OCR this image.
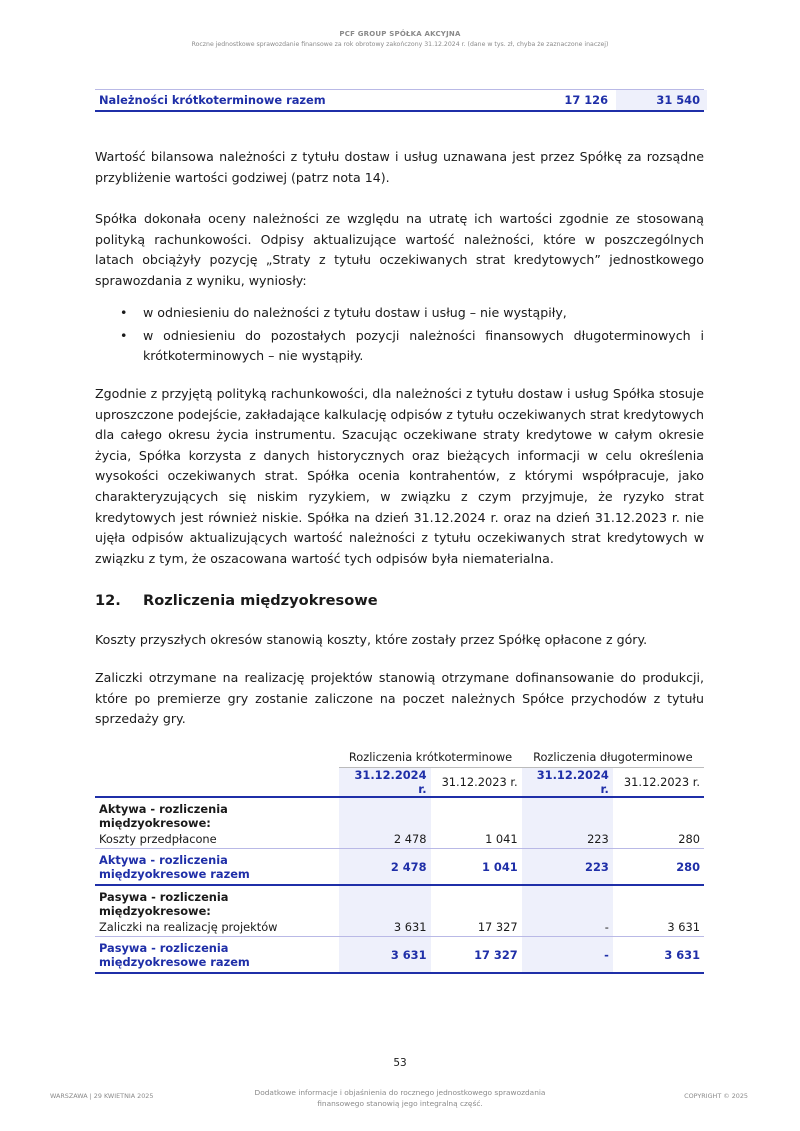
PCF GROUP SPÓŁKA AKCYJNA
Roczne jednostkowe sprawozdanie finansowe za rok obrotowy zakończony 31.12.2024 r. (dane w tys. zł, chyba że zaznaczone inaczej)
Należności krótkoterminowe razem	17 126	31 540

Wartość bilansowa należności z tytułu dostaw i usług uznawana jest przez Spółkę za rozsądne przybliżenie wartości godziwej (patrz nota 14).

Spółka dokonała oceny należności ze względu na utratę ich wartości zgodnie ze stosowaną polityką rachunkowości. Odpisy aktualizujące wartość należności, które w poszczególnych latach obciążyły pozycję „Straty z tytułu oczekiwanych strat kredytowych” jednostkowego sprawozdania z wyniku, wyniosły:

• w odniesieniu do należności z tytułu dostaw i usług – nie wystąpiły,
• w odniesieniu do pozostałych pozycji należności finansowych długoterminowych i krótkoterminowych – nie wystąpiły.

Zgodnie z przyjętą polityką rachunkowości, dla należności z tytułu dostaw i usług Spółka stosuje uproszczone podejście, zakładające kalkulację odpisów z tytułu oczekiwanych strat kredytowych dla całego okresu życia instrumentu. Szacując oczekiwane straty kredytowe w całym okresie życia, Spółka korzysta z danych historycznych oraz bieżących informacji w celu określenia wysokości oczekiwanych strat. Spółka ocenia kontrahentów, z którymi współpracuje, jako charakteryzujących się niskim ryzykiem, w związku z czym przyjmuje, że ryzyko strat kredytowych jest również niskie. Spółka na dzień 31.12.2024 r. oraz na dzień 31.12.2023 r. nie ujęła odpisów aktualizujących wartość należności z tytułu oczekiwanych strat kredytowych w związku z tym, że oszacowana wartość tych odpisów była niematerialna.

12. Rozliczenia międzyokresowe

Koszty przyszłych okresów stanowią koszty, które zostały przez Spółkę opłacone z góry.

Zaliczki otrzymane na realizację projektów stanowią otrzymane dofinansowanie do produkcji, które po premierze gry zostanie zaliczone na poczet należnych Spółce przychodów z tytułu sprzedaży gry.

	Rozliczenia krótkoterminowe		Rozliczenia długoterminowe	
	31.12.2024 r.	31.12.2023 r.	31.12.2024 r.	31.12.2023 r.
Aktywa - rozliczenia międzyokresowe:				
Koszty przedpłacone	2 478	1 041	223	280
Aktywa - rozliczenia międzyokresowe razem	2 478	1 041	223	280
Pasywa - rozliczenia międzyokresowe:				
Zaliczki na realizację projektów	3 631	17 327	-	3 631
Pasywa - rozliczenia międzyokresowe razem	3 631	17 327	-	3 631
53
WARSZAWA | 29 KWIETNIA 2025	Dodatkowe informacje i objaśnienia do rocznego jednostkowego sprawozdania finansowego stanowią jego integralną część.
COPYRIGHT © 2025
